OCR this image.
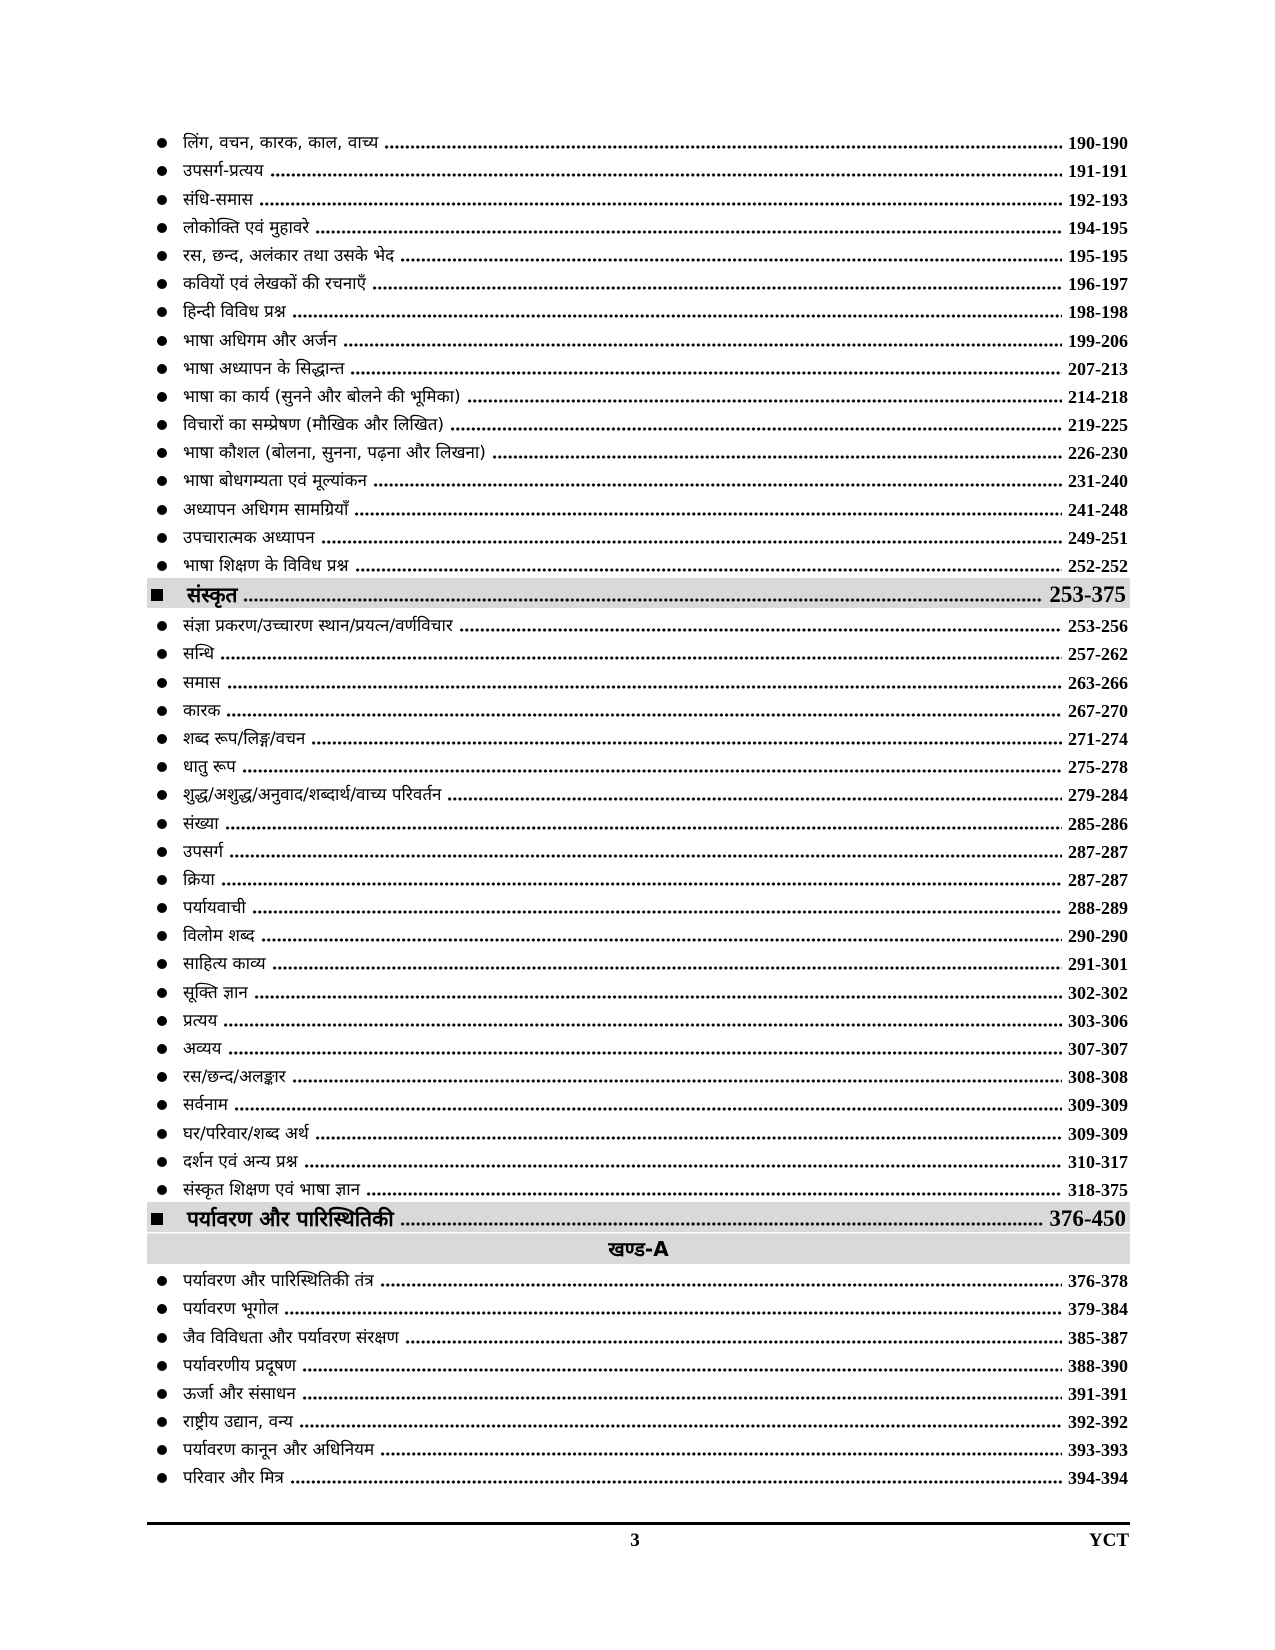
लिंग, वचन, कारक, काल, वाच्य	190-190
उपसर्ग-प्रत्यय	191-191
संधि-समास	192-193
लोकोक्ति एवं मुहावरे	194-195
रस, छन्द, अलंकार तथा उसके भेद	195-195
कवियों एवं लेखकों की रचनाएँ	196-197
हिन्दी विविध प्रश्न	198-198
भाषा अधिगम और अर्जन	199-206
भाषा अध्यापन के सिद्धान्त	207-213
भाषा का कार्य (सुनने और बोलने की भूमिका)	214-218
विचारों का सम्प्रेषण (मौखिक और लिखित)	219-225
भाषा कौशल (बोलना, सुनना, पढ़ना और लिखना)	226-230
भाषा बोधगम्यता एवं मूल्यांकन	231-240
अध्यापन अधिगम सामग्रियाँ	241-248
उपचारात्मक अध्यापन	249-251
भाषा शिक्षण के विविध प्रश्न	252-252
संस्कृत	253-375
संज्ञा प्रकरण/उच्चारण स्थान/प्रयत्न/वर्णविचार	253-256
सन्धि	257-262
समास	263-266
कारक	267-270
शब्द रूप/लिङ्ग/वचन	271-274
धातु रूप	275-278
शुद्ध/अशुद्ध/अनुवाद/शब्दार्थ/वाच्य परिवर्तन	279-284
संख्या	285-286
उपसर्ग	287-287
क्रिया	287-287
पर्यायवाची	288-289
विलोम शब्द	290-290
साहित्य काव्य	291-301
सूक्ति ज्ञान	302-302
प्रत्यय	303-306
अव्यय	307-307
रस/छन्द/अलङ्कार	308-308
सर्वनाम	309-309
घर/परिवार/शब्द अर्थ	309-309
दर्शन एवं अन्य प्रश्न	310-317
संस्कृत शिक्षण एवं भाषा ज्ञान	318-375
पर्यावरण और पारिस्थितिकी	376-450
खण्ड-A
पर्यावरण और पारिस्थितिकी तंत्र	376-378
पर्यावरण भूगोल	379-384
जैव विविधता और पर्यावरण संरक्षण	385-387
पर्यावरणीय प्रदूषण	388-390
ऊर्जा और संसाधन	391-391
राष्ट्रीय उद्यान, वन्य	392-392
पर्यावरण कानून और अधिनियम	393-393
परिवार और मित्र	394-394
3	YCT
